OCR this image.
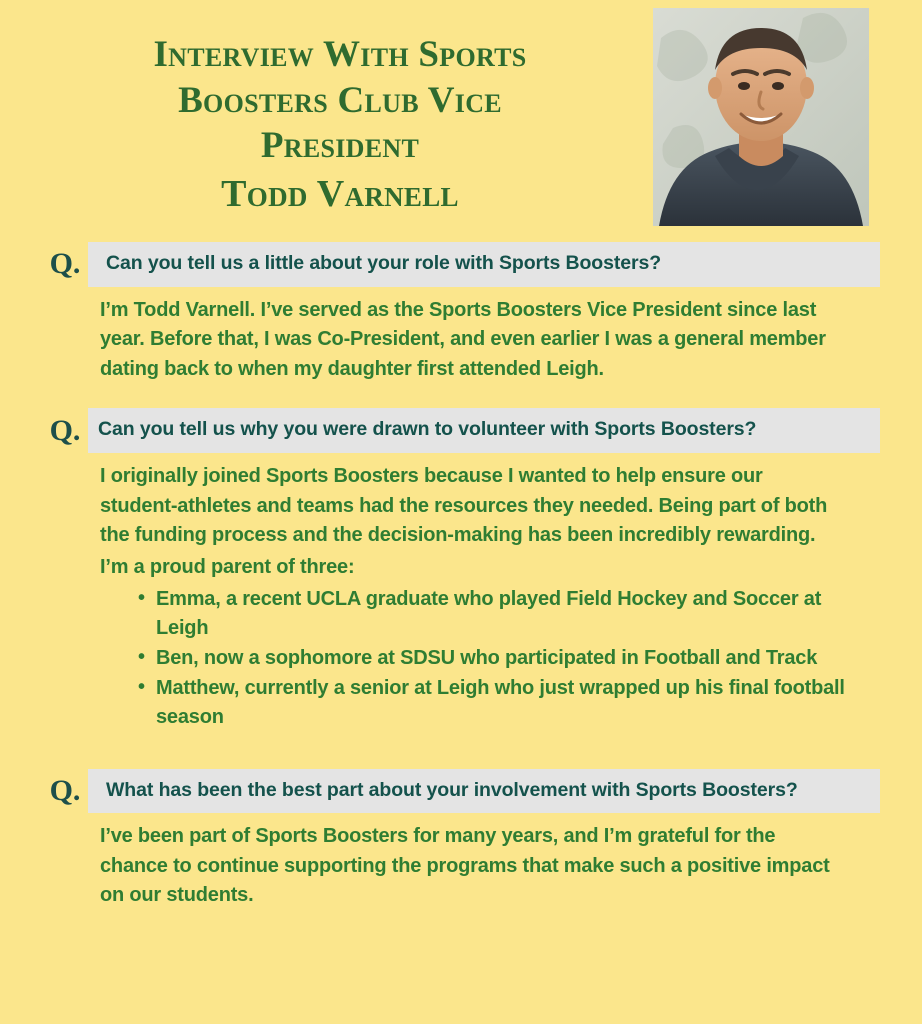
Interview With Sports
Boosters Club Vice
President
Todd Varnell
Q.	Can you tell us a little about your role with Sports Boosters?
I’m Todd Varnell. I’ve served as the Sports Boosters Vice President since last year. Before that, I was Co-President, and even earlier I was a general member dating back to when my daughter first attended Leigh.
Q. Can you tell us why you were drawn to volunteer with Sports Boosters?
I originally joined Sports Boosters because I wanted to help ensure our student-athletes and teams had the resources they needed. Being part of both the funding process and the decision-making has been incredibly rewarding.
I’m a proud parent of three:
• Emma, a recent UCLA graduate who played Field Hockey and Soccer at Leigh
• Ben, now a sophomore at SDSU who participated in Football and Track
• Matthew, currently a senior at Leigh who just wrapped up his final football season
Q.	What has been the best part about your involvement with Sports Boosters?
I’ve been part of Sports Boosters for many years, and I’m grateful for the chance to continue supporting the programs that make such a positive impact on our students.
